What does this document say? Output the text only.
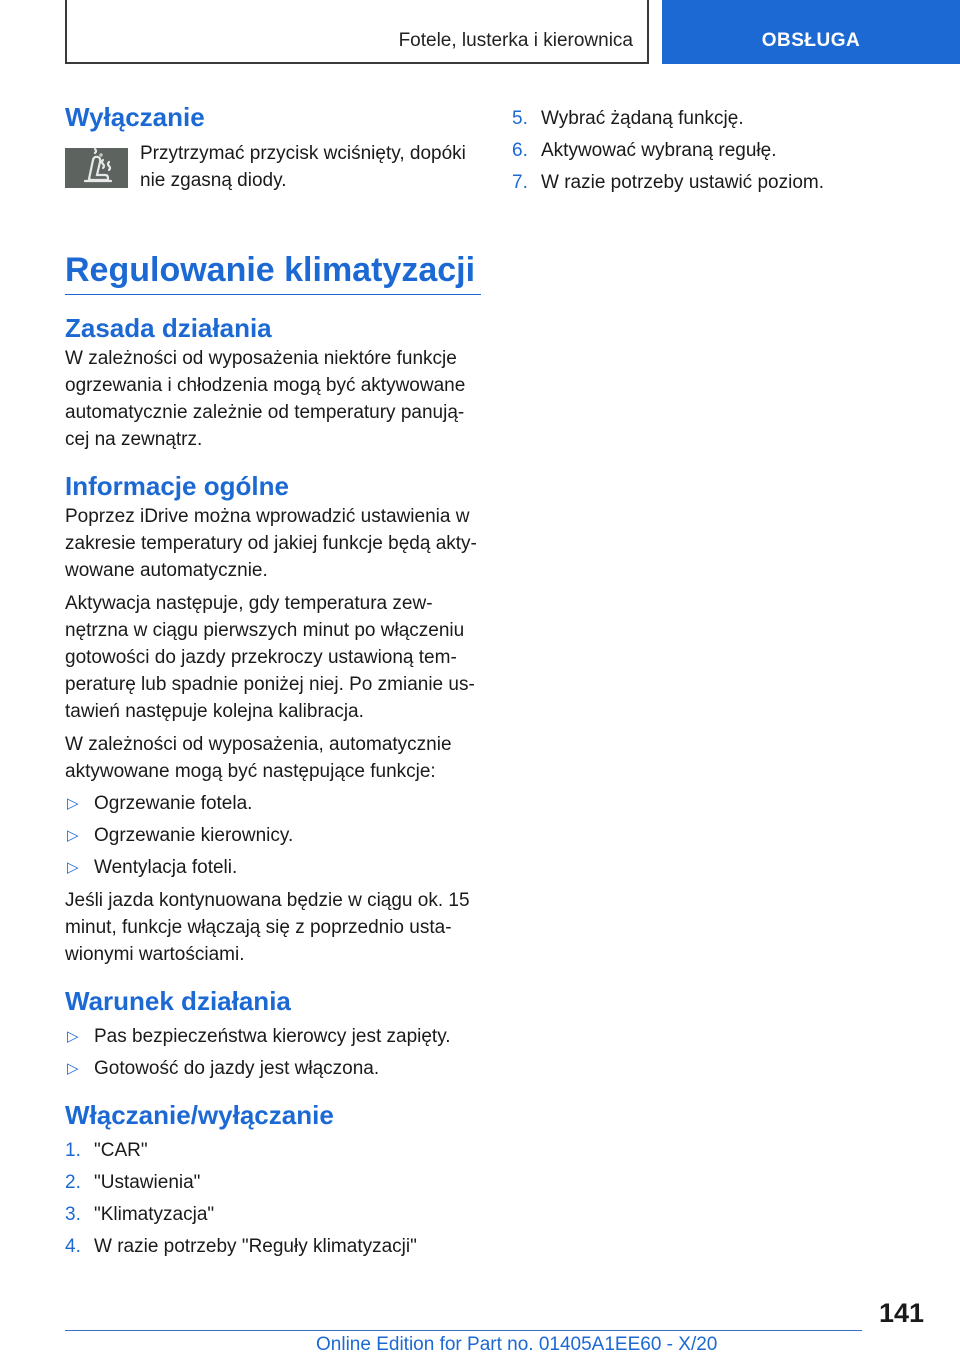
Fotele, lusterka i kierownica	OBSŁUGA
Wyłączanie
Przytrzymać przycisk wciśnięty, dopóki nie zgasną diody.
Regulowanie klimatyzacji
Zasada działania

W zależności od wyposażenia niektóre funkcje ogrzewania i chłodzenia mogą być aktywowane automatycznie zależnie od temperatury panującej na zewnątrz.

Informacje ogólne

Poprzez iDrive można wprowadzić ustawienia w zakresie temperatury od jakiej funkcje będą aktywowane automatycznie.

Aktywacja następuje, gdy temperatura zewnętrzna w ciągu pierwszych minut po włączeniu gotowości do jazdy przekroczy ustawioną temperaturę lub spadnie poniżej niej. Po zmianie ustawień następuje kolejna kalibracja.

W zależności od wyposażenia, automatycznie aktywowane mogą być następujące funkcje:

▷ Ogrzewanie fotela.
▷ Ogrzewanie kierownicy.
▷ Wentylacja foteli.

Jeśli jazda kontynuowana będzie w ciągu ok. 15 minut, funkcje włączają się z poprzednio ustawionymi wartościami.

Warunek działania
▷ Pas bezpieczeństwa kierowcy jest zapięty.
▷ Gotowość do jazdy jest włączona.
Włączanie/wyłączanie
1. "CAR"
2. "Ustawienia"
3. "Klimatyzacja"
4. W razie potrzeby "Reguły klimatyzacji"
5. Wybrać żądaną funkcję.
6. Aktywować wybraną regułę.
7. W razie potrzeby ustawić poziom.
141
Online Edition for Part no. 01405A1EE60 - X/20
